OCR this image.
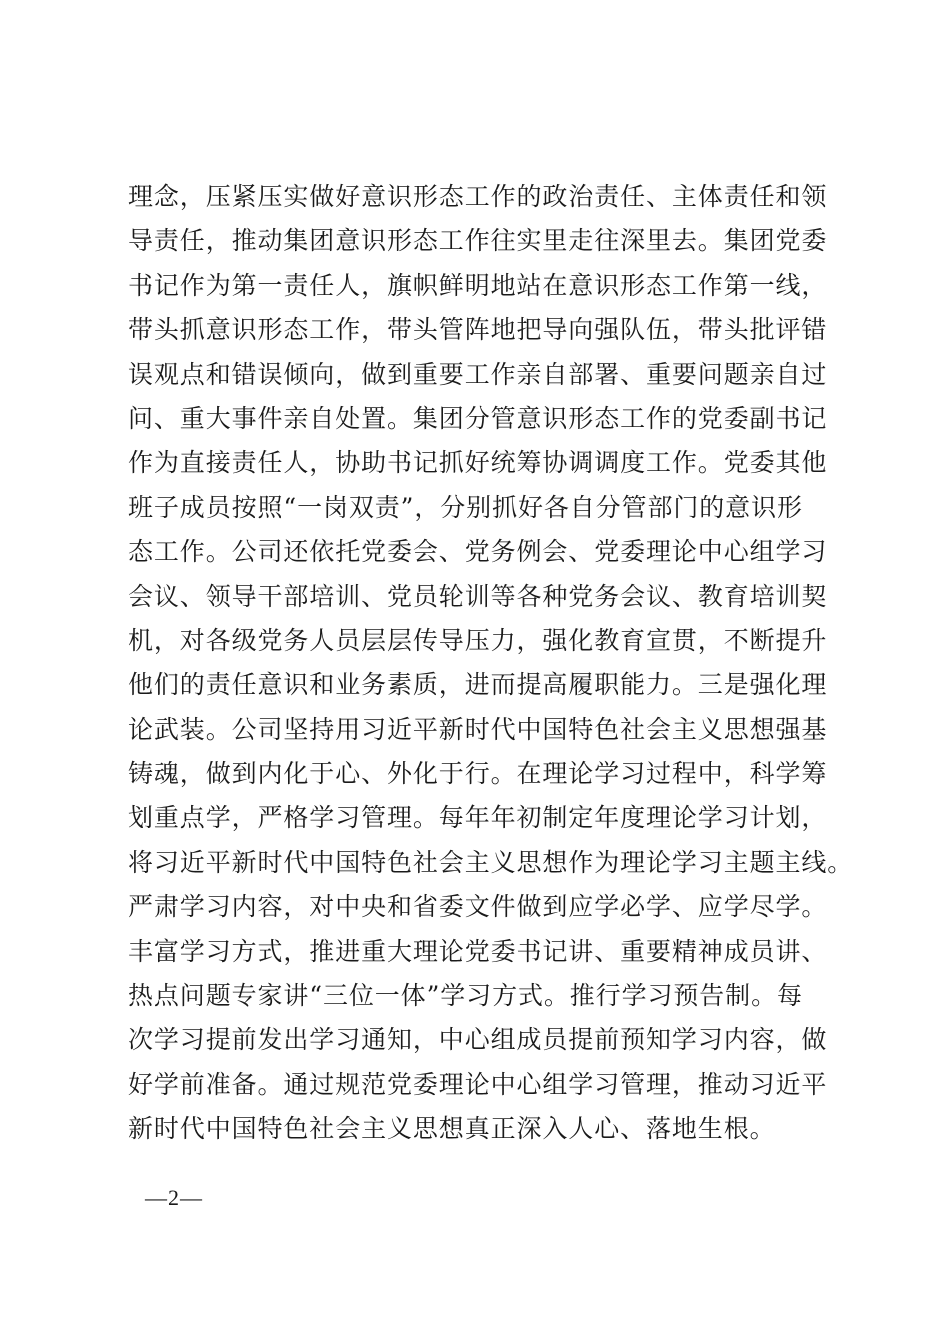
理念，压紧压实做好意识形态工作的政治责任、主体责任和领
导责任，推动集团意识形态工作往实里走往深里去。集团党委
书记作为第一责任人，旗帜鲜明地站在意识形态工作第一线，
带头抓意识形态工作，带头管阵地把导向强队伍，带头批评错
误观点和错误倾向，做到重要工作亲自部署、重要问题亲自过
问、重大事件亲自处置。集团分管意识形态工作的党委副书记
作为直接责任人，协助书记抓好统筹协调调度工作。党委其他
班子成员按照“一岗双责”，分别抓好各自分管部门的意识形
态工作。公司还依托党委会、党务例会、党委理论中心组学习
会议、领导干部培训、党员轮训等各种党务会议、教育培训契
机，对各级党务人员层层传导压力，强化教育宣贯，不断提升
他们的责任意识和业务素质，进而提高履职能力。三是强化理
论武装。公司坚持用习近平新时代中国特色社会主义思想强基
铸魂，做到内化于心、外化于行。在理论学习过程中，科学筹
划重点学，严格学习管理。每年年初制定年度理论学习计划，
将习近平新时代中国特色社会主义思想作为理论学习主题主线。
严肃学习内容，对中央和省委文件做到应学必学、应学尽学。
丰富学习方式，推进重大理论党委书记讲、重要精神成员讲、
热点问题专家讲“三位一体”学习方式。推行学习预告制。每
次学习提前发出学习通知，中心组成员提前预知学习内容，做
好学前准备。通过规范党委理论中心组学习管理，推动习近平
新时代中国特色社会主义思想真正深入人心、落地生根。
—2—
